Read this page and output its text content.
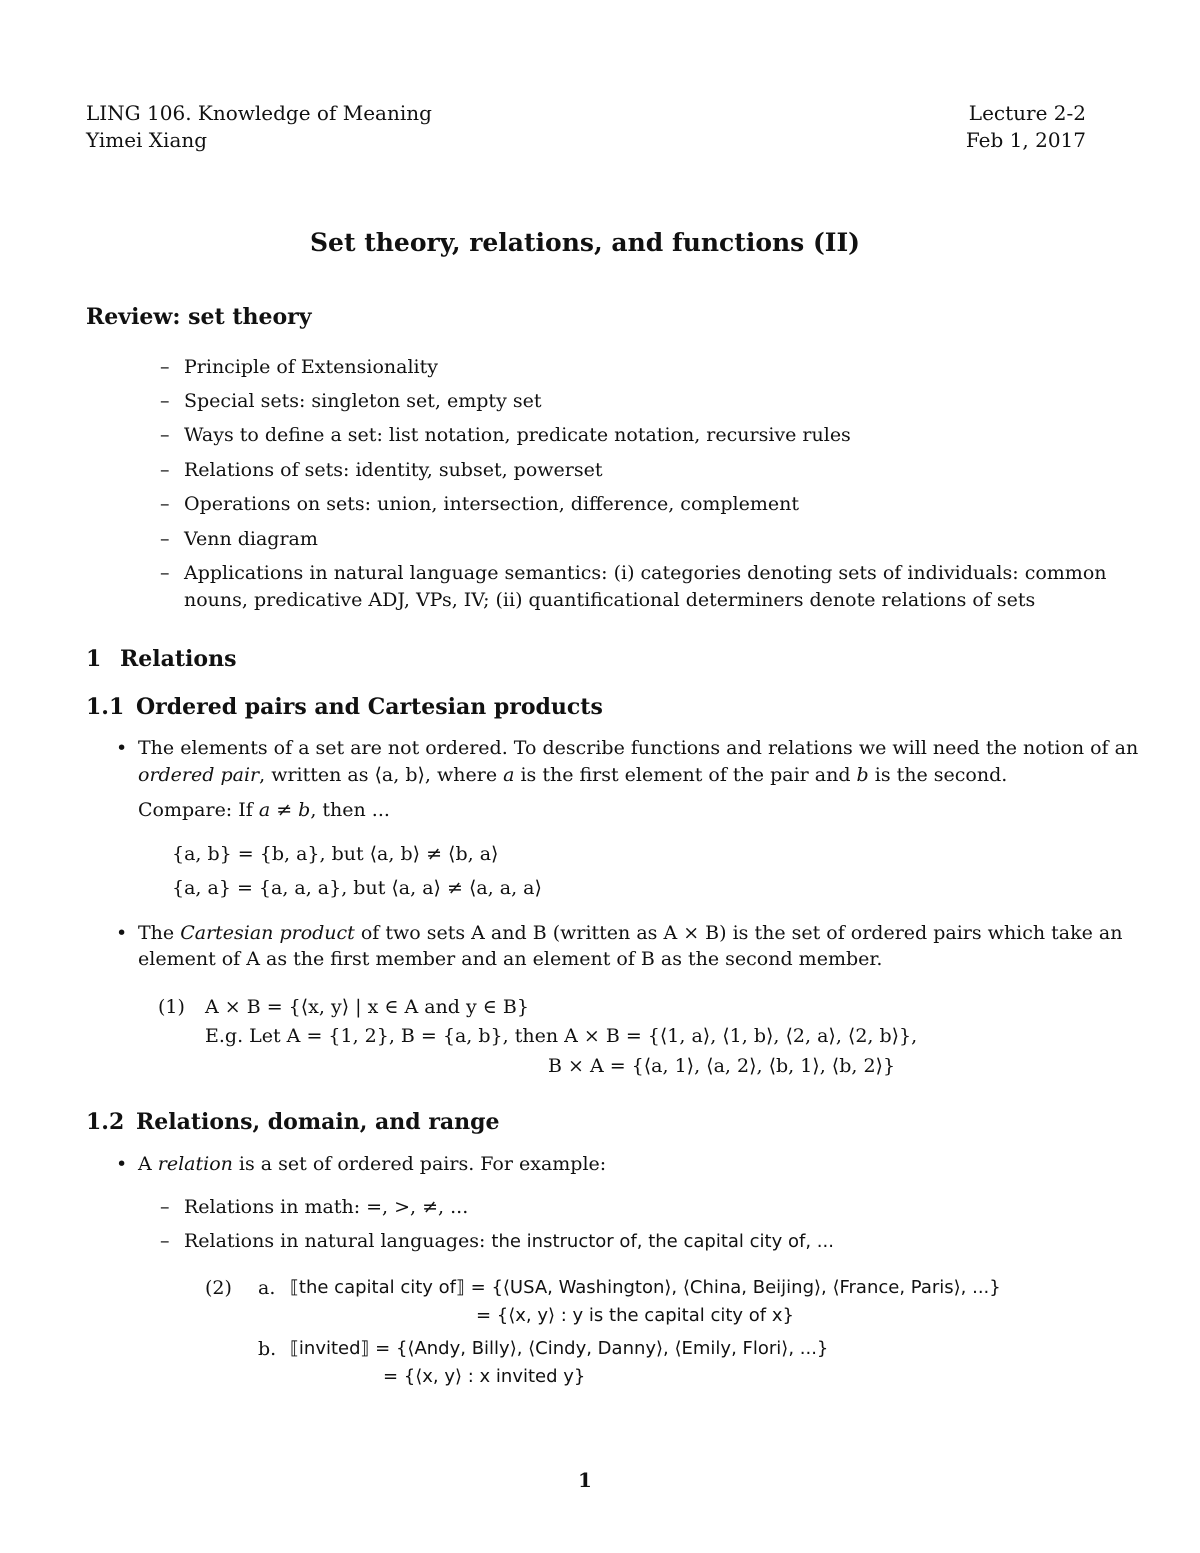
LING 106. Knowledge of Meaning
Yimei Xiang
Lecture 2-2
Feb 1, 2017
Set theory, relations, and functions (II)
Review: set theory
– Principle of Extensionality
– Special sets: singleton set, empty set
– Ways to define a set: list notation, predicate notation, recursive rules
– Relations of sets: identity, subset, powerset
– Operations on sets: union, intersection, difference, complement
– Venn diagram
– Applications in natural language semantics: (i) categories denoting sets of individuals: common
nouns, predicative ADJ, VPs, IV; (ii) quantificational determiners denote relations of sets
1 Relations
1.1 Ordered pairs and Cartesian products
• The elements of a set are not ordered. To describe functions and relations we will need the notion of an
ordered pair, written as ⟨a, b⟩, where a is the first element of the pair and b is the second.
Compare: If a ≠ b, then ...
{a, b} = {b, a}, but ⟨a, b⟩ ≠ ⟨b, a⟩
{a, a} = {a, a, a}, but ⟨a, a⟩ ≠ ⟨a, a, a⟩
• The Cartesian product of two sets A and B (written as A × B) is the set of ordered pairs which take an
element of A as the first member and an element of B as the second member.
(1) A × B = {⟨x, y⟩ | x ∈ A and y ∈ B}
E.g. Let A = {1, 2}, B = {a, b}, then A × B = {⟨1, a⟩, ⟨1, b⟩, ⟨2, a⟩, ⟨2, b⟩},
B × A = {⟨a, 1⟩, ⟨a, 2⟩, ⟨b, 1⟩, ⟨b, 2⟩}
1.2 Relations, domain, and range
• A relation is a set of ordered pairs. For example:
– Relations in math: =, >, ≠, ...
– Relations in natural languages: the instructor of, the capital city of, ...
(2) a. ⟦the capital city of⟧ = {⟨USA, Washington⟩, ⟨China, Beijing⟩, ⟨France, Paris⟩, ...}
= {⟨x, y⟩ : y is the capital city of x}
b. ⟦invited⟧ = {⟨Andy, Billy⟩, ⟨Cindy, Danny⟩, ⟨Emily, Flori⟩, ...}
= {⟨x, y⟩ : x invited y}
1
